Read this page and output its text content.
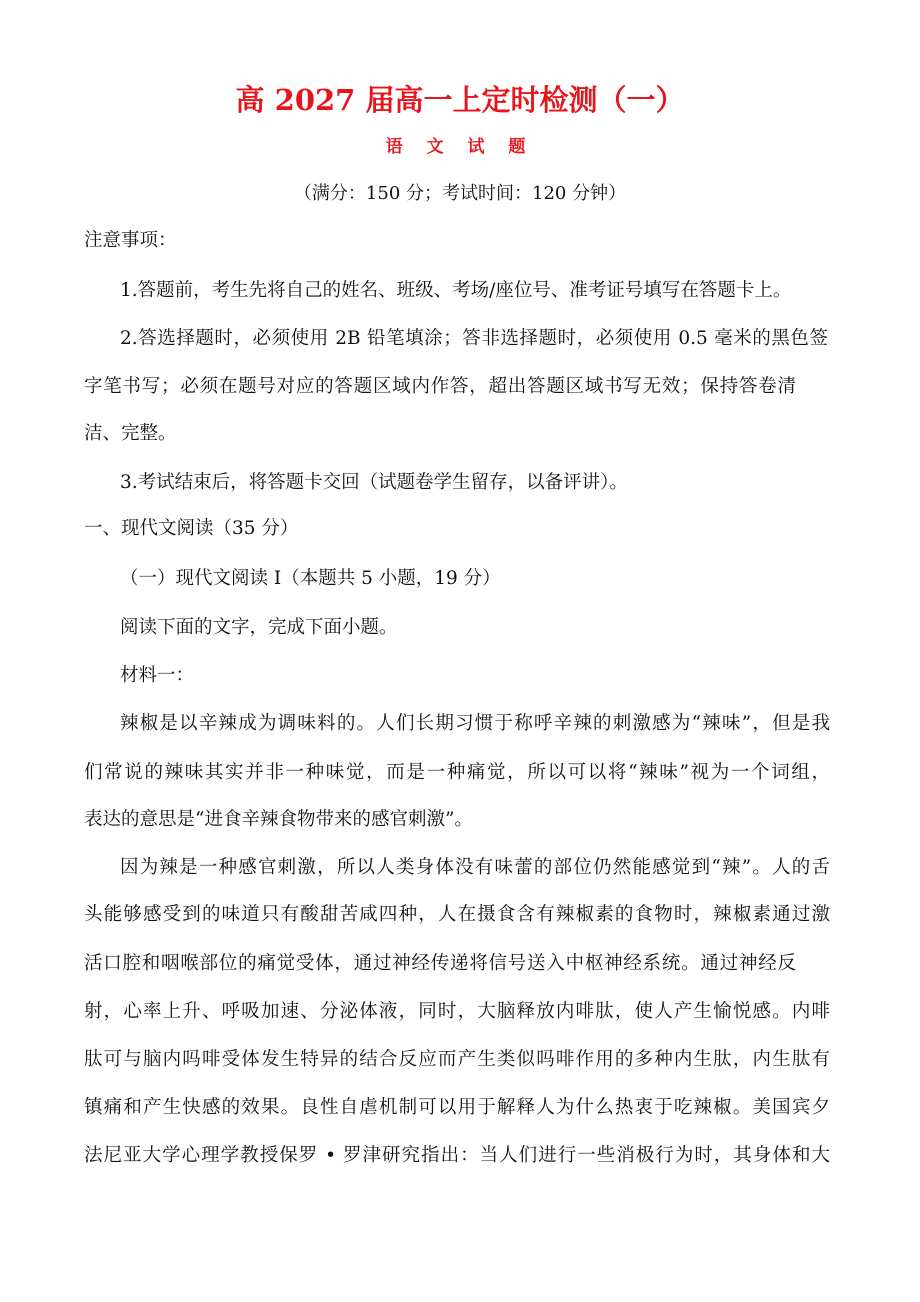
高 2027 届高一上定时检测（一）
语 文 试 题
（满分：150 分；考试时间：120 分钟）
注意事项：
1.答题前，考生先将自己的姓名、班级、考场/座位号、准考证号填写在答题卡上。
2.答选择题时，必须使用 2B 铅笔填涂；答非选择题时，必须使用 0.5 毫米的黑色签
字笔书写；必须在题号对应的答题区域内作答，超出答题区域书写无效；保持答卷清
洁、完整。
3.考试结束后，将答题卡交回（试题卷学生留存，以备评讲）。
一、现代文阅读（35 分）
（一）现代文阅读 I（本题共 5 小题，19 分）
阅读下面的文字，完成下面小题。
材料一：
辣椒是以辛辣成为调味料的。人们长期习惯于称呼辛辣的刺激感为“辣味”，但是我
们常说的辣味其实并非一种味觉，而是一种痛觉，所以可以将“辣味”视为一个词组，
表达的意思是“进食辛辣食物带来的感官刺激”。
因为辣是一种感官刺激，所以人类身体没有味蕾的部位仍然能感觉到“辣”。人的舌
头能够感受到的味道只有酸甜苦咸四种，人在摄食含有辣椒素的食物时，辣椒素通过激
活口腔和咽喉部位的痛觉受体，通过神经传递将信号送入中枢神经系统。通过神经反
射，心率上升、呼吸加速、分泌体液，同时，大脑释放内啡肽，使人产生愉悦感。内啡
肽可与脑内吗啡受体发生特异的结合反应而产生类似吗啡作用的多种内生肽，内生肽有
镇痛和产生快感的效果。良性自虐机制可以用于解释人为什么热衷于吃辣椒。美国宾夕
法尼亚大学心理学教授保罗 • 罗津研究指出：当人们进行一些消极行为时，其身体和大
